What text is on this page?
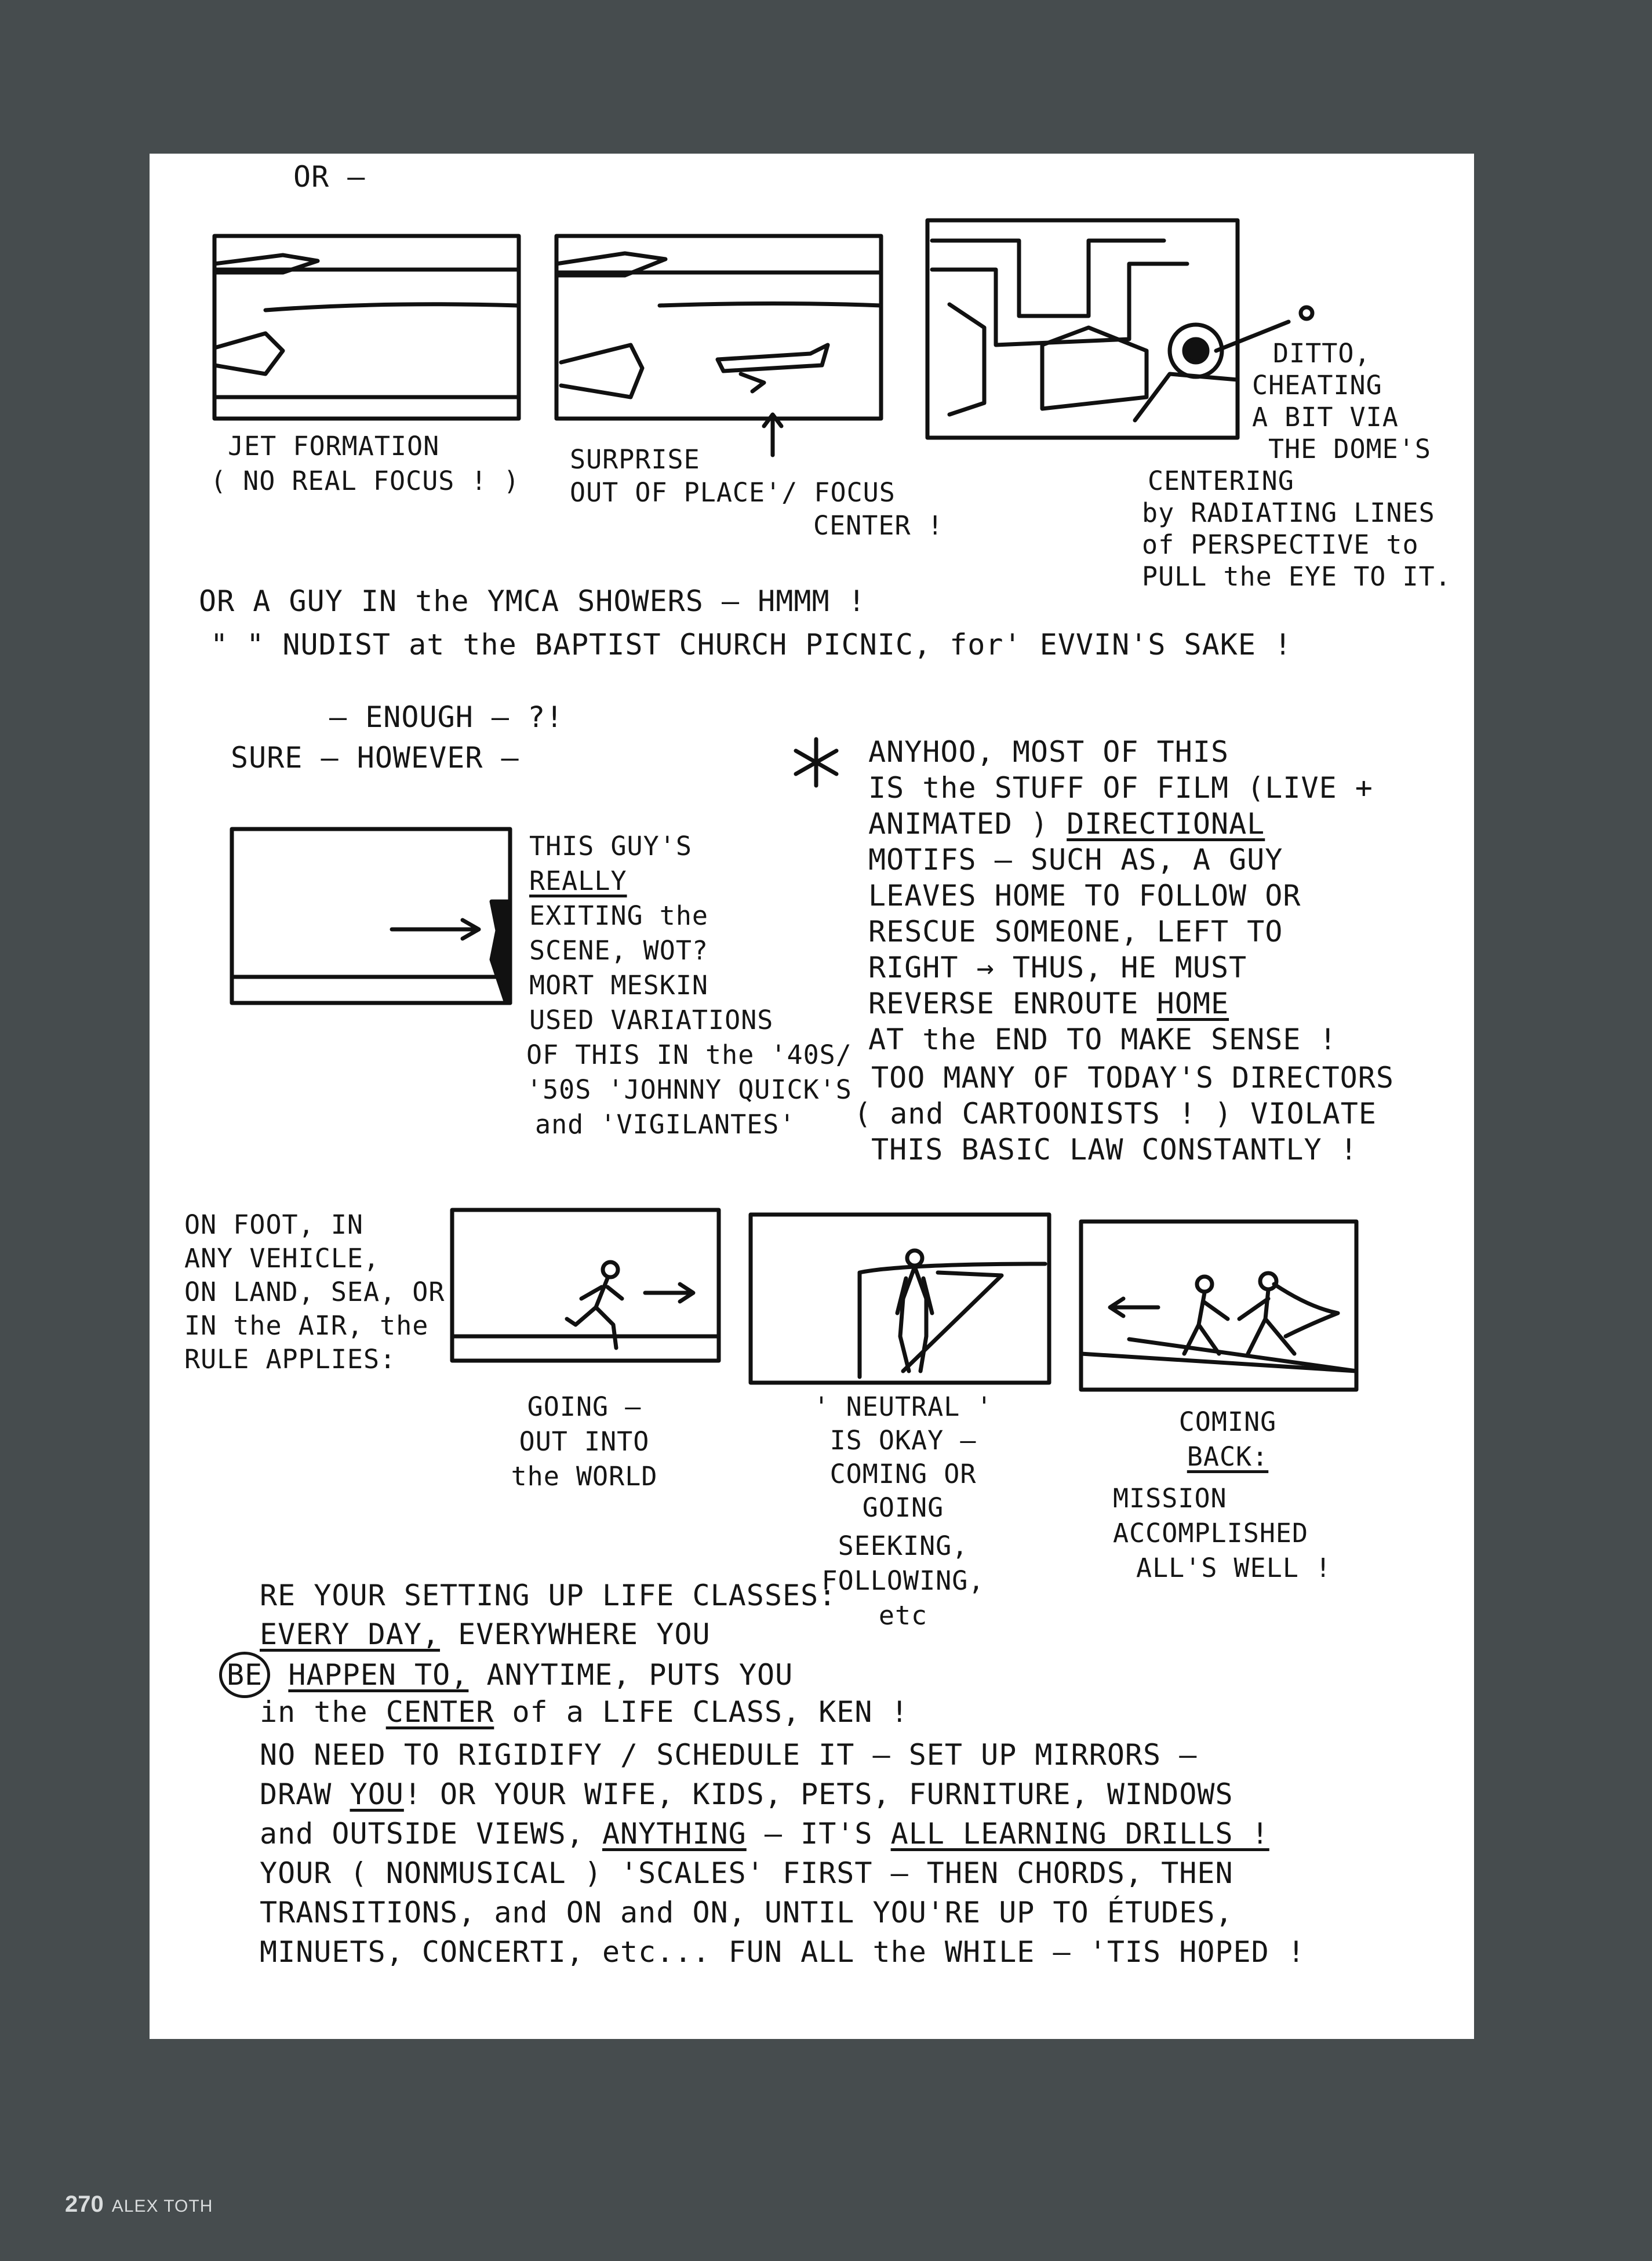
OR —

JET FORMATION

( NO REAL FOCUS ! )

SURPRISE

OUT OF PLACE'/ FOCUS

CENTER !

DITTO,

CHEATING

A BIT VIA

THE DOME'S

CENTERING

by RADIATING LINES

of PERSPECTIVE to

PULL the EYE TO IT.

OR A GUY IN the YMCA SHOWERS — HMMM !

" " NUDIST at the BAPTIST CHURCH PICNIC, for' EVVIN'S SAKE !

— ENOUGH — ?!

SURE — HOWEVER —

THIS GUY'S

REALLY

EXITING the

SCENE, WOT?

MORT MESKIN

USED VARIATIONS

OF THIS IN the '40S/

'50S 'JOHNNY QUICK'S

and 'VIGILANTES'

ANYHOO, MOST OF THIS

IS the STUFF OF FILM (LIVE +

ANIMATED ) DIRECTIONAL

MOTIFS — SUCH AS, A GUY

LEAVES HOME TO FOLLOW OR

RESCUE SOMEONE, LEFT TO

RIGHT → THUS, HE MUST

REVERSE ENROUTE HOME

AT the END TO MAKE SENSE !

TOO MANY OF TODAY'S DIRECTORS

( and CARTOONISTS ! ) VIOLATE

THIS BASIC LAW CONSTANTLY !

ON FOOT, IN

ANY VEHICLE,

ON LAND, SEA, OR

IN the AIR, the

RULE APPLIES:

GOING —

OUT INTO

the WORLD

' NEUTRAL '

IS OKAY —

COMING OR

GOING

SEEKING,

FOLLOWING,

etc

COMING

BACK:

MISSION

ACCOMPLISHED

ALL'S WELL !

RE YOUR SETTING UP LIFE CLASSES:

EVERY DAY, EVERYWHERE YOU

BE HAPPEN TO, ANYTIME, PUTS YOU

in the CENTER of a LIFE CLASS, KEN !

NO NEED TO RIGIDIFY / SCHEDULE IT — SET UP MIRRORS —

DRAW YOU! OR YOUR WIFE, KIDS, PETS, FURNITURE, WINDOWS

and OUTSIDE VIEWS, ANYTHING — IT'S ALL LEARNING DRILLS !

YOUR ( NONMUSICAL ) 'SCALES' FIRST — THEN CHORDS, THEN

TRANSITIONS, and ON and ON, UNTIL YOU'RE UP TO ÉTUDES,

MINUETS, CONCERTI, etc... FUN ALL the WHILE — 'TIS HOPED !

270 ALEX TOTH
